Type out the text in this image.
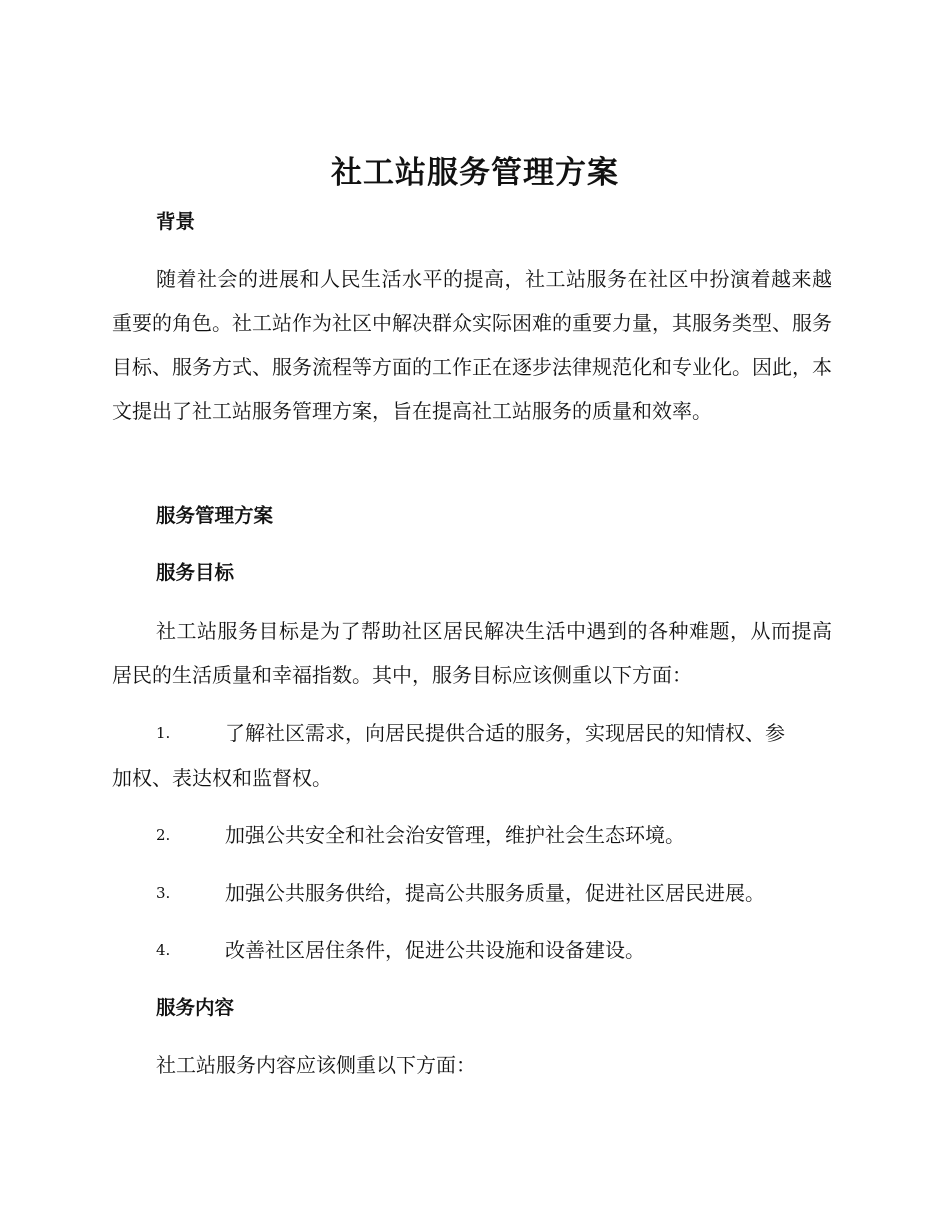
社工站服务管理方案
背景
随着社会的进展和人民生活水平的提高，社工站服务在社区中扮演着越来越重要的角色。社工站作为社区中解决群众实际困难的重要力量，其服务类型、服务目标、服务方式、服务流程等方面的工作正在逐步法律规范化和专业化。因此，本文提出了社工站服务管理方案，旨在提高社工站服务的质量和效率。
服务管理方案
服务目标
社工站服务目标是为了帮助社区居民解决生活中遇到的各种难题，从而提高居民的生活质量和幸福指数。其中，服务目标应该侧重以下方面：
1.	了解社区需求，向居民提供合适的服务，实现居民的知情权、参
加权、表达权和监督权。
2.	加强公共安全和社会治安管理，维护社会生态环境。
3.	加强公共服务供给，提高公共服务质量，促进社区居民进展。
4.	改善社区居住条件，促进公共设施和设备建设。
服务内容
社工站服务内容应该侧重以下方面：
